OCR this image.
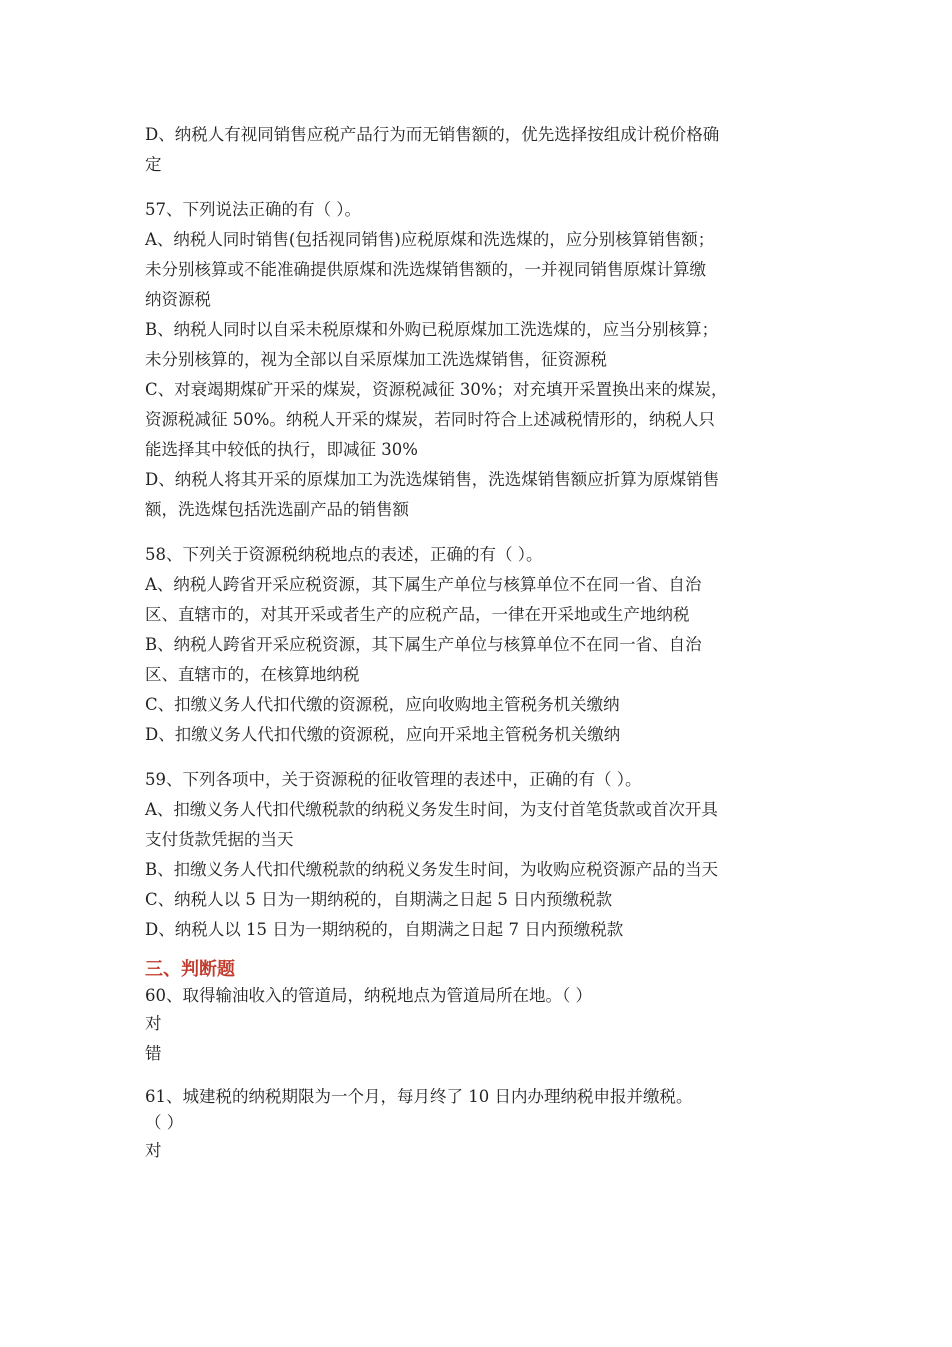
D、纳税人有视同销售应税产品行为而无销售额的，优先选择按组成计税价格确
定
57、下列说法正确的有（ ）。
A、纳税人同时销售(包括视同销售)应税原煤和洗选煤的，应分别核算销售额；
未分别核算或不能准确提供原煤和洗选煤销售额的，一并视同销售原煤计算缴
纳资源税
B、纳税人同时以自采未税原煤和外购已税原煤加工洗选煤的，应当分别核算；
未分别核算的，视为全部以自采原煤加工洗选煤销售，征资源税
C、对衰竭期煤矿开采的煤炭，资源税减征 30%；对充填开采置换出来的煤炭，
资源税减征 50%。纳税人开采的煤炭，若同时符合上述减税情形的，纳税人只
能选择其中较低的执行，即减征 30%
D、纳税人将其开采的原煤加工为洗选煤销售，洗选煤销售额应折算为原煤销售
额，洗选煤包括洗选副产品的销售额
58、下列关于资源税纳税地点的表述，正确的有（ ）。
A、纳税人跨省开采应税资源，其下属生产单位与核算单位不在同一省、自治
区、直辖市的，对其开采或者生产的应税产品，一律在开采地或生产地纳税
B、纳税人跨省开采应税资源，其下属生产单位与核算单位不在同一省、自治
区、直辖市的，在核算地纳税
C、扣缴义务人代扣代缴的资源税，应向收购地主管税务机关缴纳
D、扣缴义务人代扣代缴的资源税，应向开采地主管税务机关缴纳
59、下列各项中，关于资源税的征收管理的表述中，正确的有（ ）。
A、扣缴义务人代扣代缴税款的纳税义务发生时间，为支付首笔货款或首次开具
支付货款凭据的当天
B、扣缴义务人代扣代缴税款的纳税义务发生时间，为收购应税资源产品的当天
C、纳税人以 5 日为一期纳税的，自期满之日起 5 日内预缴税款
D、纳税人以 15 日为一期纳税的，自期满之日起 7 日内预缴税款
三、判断题
60、取得输油收入的管道局，纳税地点为管道局所在地。（ ）
对
错
61、城建税的纳税期限为一个月，每月终了 10 日内办理纳税申报并缴税。
（ ）
对
